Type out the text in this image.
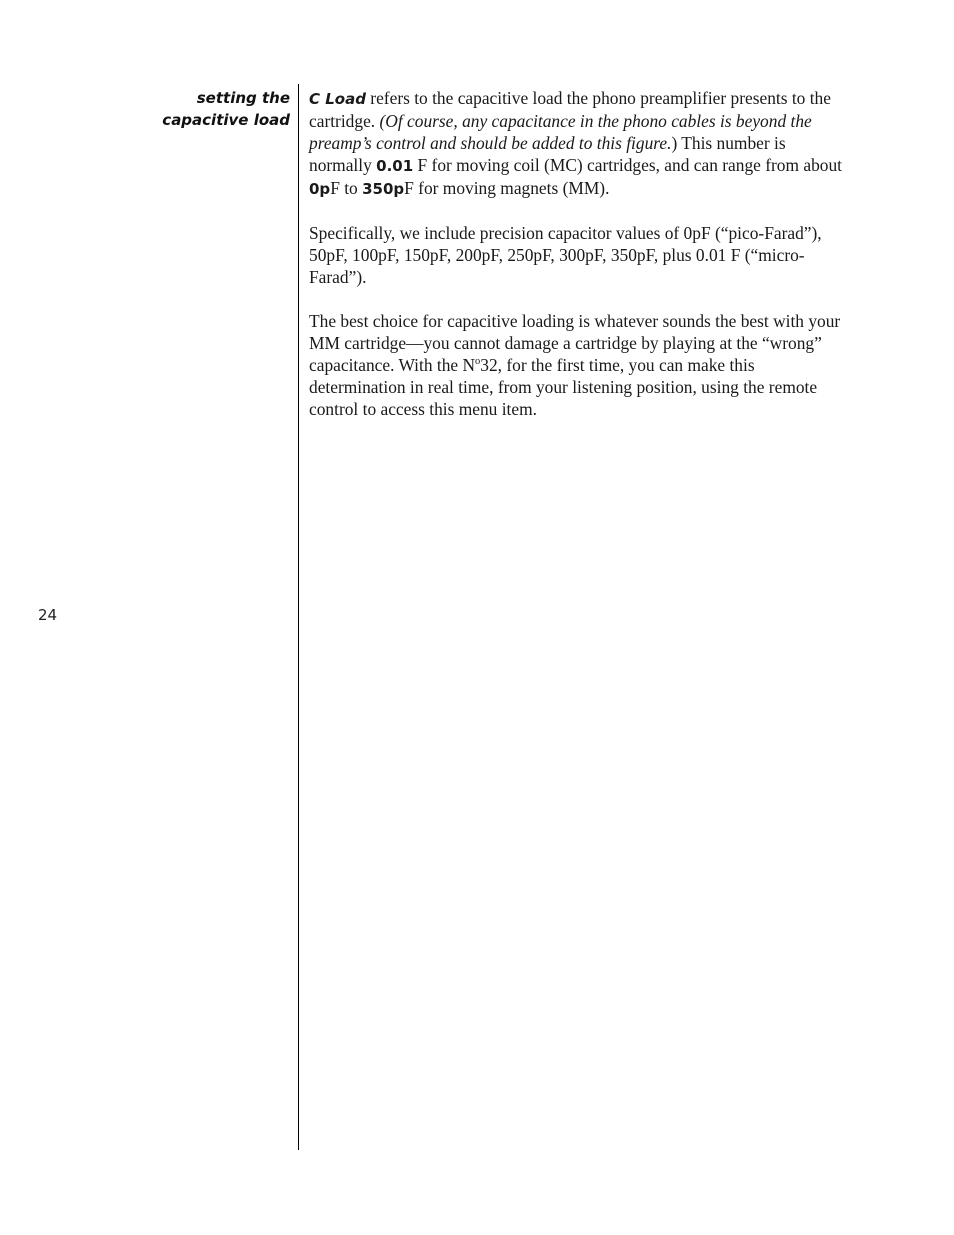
setting the
capacitive load

C Load refers to the capacitive load the phono preamplifier presents to the cartridge. (Of course, any capacitance in the phono cables is beyond the preamp’s control and should be added to this figure.) This number is normally 0.01 F for moving coil (MC) cartridges, and can range from about 0pF to 350pF for moving magnets (MM).

Specifically, we include precision capacitor values of 0pF (“pico-Farad”), 50pF, 100pF, 150pF, 200pF, 250pF, 300pF, 350pF, plus 0.01 F (“micro-Farad”).

The best choice for capacitive loading is whatever sounds the best with your MM cartridge—you cannot damage a cartridge by playing at the “wrong” capacitance. With the $N^o32$, for the first time, you can make this determination in real time, from your listening position, using the remote control to access this menu item.

24
